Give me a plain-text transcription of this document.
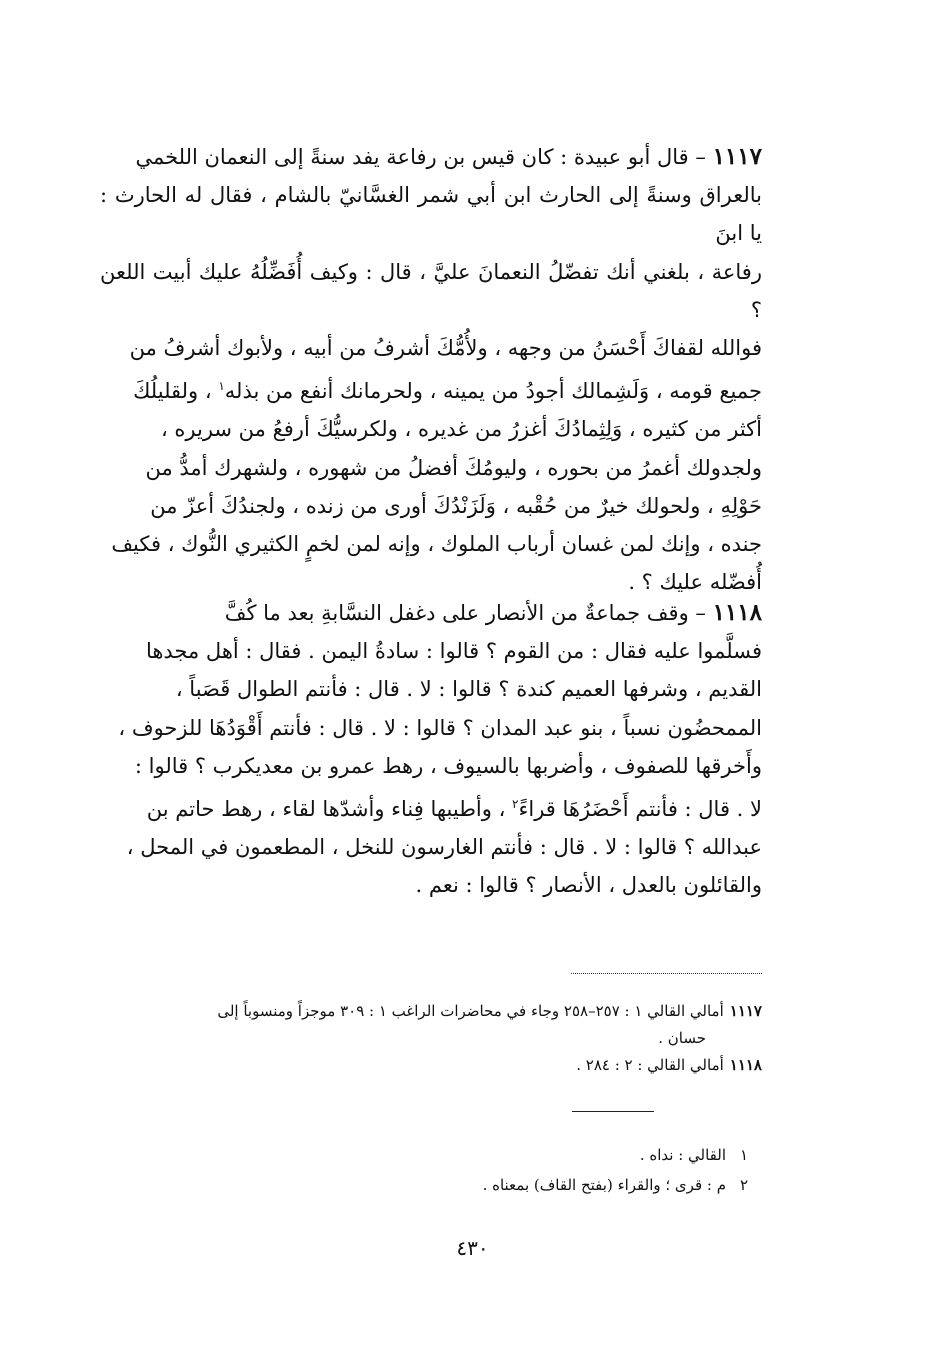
١١١٧ – قال أبو عبيدة : كان قيس بن رفاعة يفد سنةً إلى النعمان اللخمي

بالعراق وسنةً إلى الحارث ابن أبي شمر الغسَّانيّ بالشام ، فقال له الحارث : يا ابنَ

رفاعة ، بلغني أنك تفضّلُ النعمانَ عليَّ ، قال : وكيف أُفَضِّلُهُ عليك أبيت اللعن ؟

فوالله لقفاكَ أَحْسَنُ من وجهه ، ولأُمُّكَ أشرفُ من أبيه ، ولأبوك أشرفُ من

جميع قومه ، وَلَشِمالك أجودُ من يمينه ، ولحرمانك أنفع من بذله$^١$ ، ولقليلُكَ

أكثر من كثيره ، وَلِثِمادُكَ أغزرُ من غديره ، ولكرسيُّكَ أرفعُ من سريره ،

ولجدولك أغمرُ من بحوره ، وليومُكَ أفضلُ من شهوره ، ولشهرك أمدُّ من

حَوْلِهِ ، ولحولك خيرٌ من حُقْبه ، وَلَزَنْدُكَ أورى من زنده ، ولجندُكَ أعزّ من

جنده ، وإنك لمن غسان أرباب الملوك ، وإنه لمن لخمٍ الكثيري النُّوك ، فكيف

أُفضّله عليك ؟ .

١١١٨ – وقف جماعةٌ من الأنصار على دغفل النسَّابةِ بعد ما كُفَّ

فسلَّموا عليه فقال : من القوم ؟ قالوا : سادةُ اليمن . فقال : أهل مجدها

القديم ، وشرفها العميم كندة ؟ قالوا : لا . قال : فأنتم الطوال قَصَباً ،

الممحضُون نسباً ، بنو عبد المدان ؟ قالوا : لا . قال : فأنتم أَقْوَدُهَا للزحوف ،

وأَخرقها للصفوف ، وأضربها بالسيوف ، رهط عمرو بن معديكرب ؟ قالوا :

لا . قال : فأنتم أَحْضَرُهَا قراءً$^٢$ ، وأطيبها فِناء وأشدّها لقاء ، رهط حاتم بن

عبدالله ؟ قالوا : لا . قال : فأنتم الغارسون للنخل ، المطعمون في المحل ،

والقائلون بالعدل ، الأنصار ؟ قالوا : نعم .

١١١٧أمالي القالي ١ : ٢٥٧–٢٥٨ وجاء في محاضرات الراغب ١ : ٣٠٩ موجزاً ومنسوباً إلى
حسان .
١١١٨أمالي القالي : ٢ : ٢٨٤ .
١
القالي : نداه .
٢
م : قرى ؛ والقراء (بفتح القاف) بمعناه .
٤٣٠
